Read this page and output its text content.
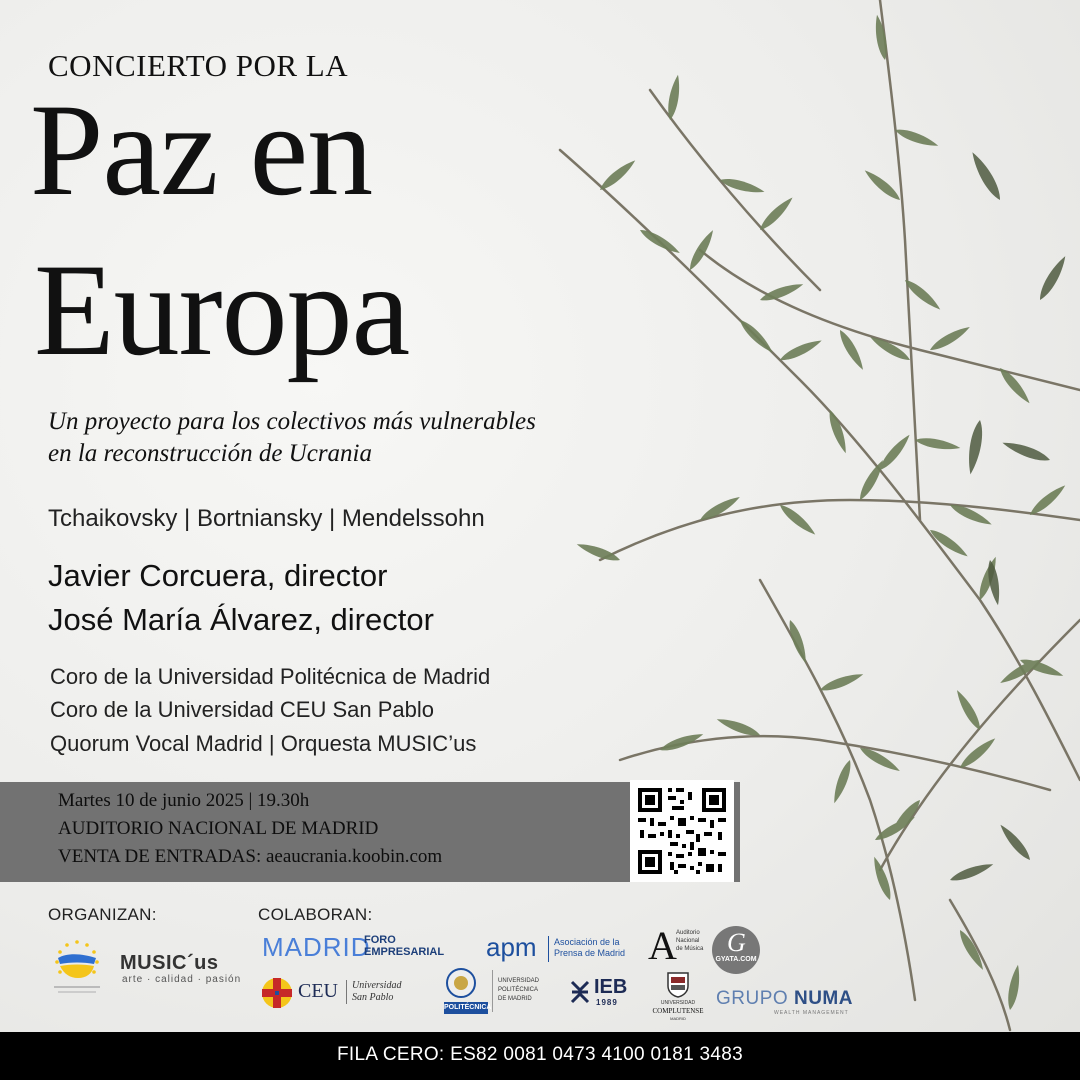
CONCIERTO POR LA
Paz en
Europa
Un proyecto para los colectivos más vulnerables
en la reconstrucción de Ucrania
Tchaikovsky | Bortniansky | Mendelssohn
Javier Corcuera, director
José María Álvarez, director
Coro de la Universidad Politécnica de Madrid
Coro de la Universidad CEU San Pablo
Quorum Vocal Madrid | Orquesta MUSIC’us
Martes 10 de junio 2025 | 19.30h
AUDITORIO NACIONAL DE MADRID
VENTA DE ENTRADAS: aeaucrania.koobin.com
ORGANIZAN:	COLABORAN:
MUSIC´us
arte · calidad · pasión
MADRID
FORO
EMPRESARIAL apm Asociación de la
Prensa de Madrid A Auditorio
Nacional
de Música G
GYATA.COM
CEU Universidad
San Pablo
POLITÉCNICA
UNIVERSIDAD
POLITÉCNICA
DE MADRID
IEB
1989	UNIVERSIDAD
COMPLUTENSE
MADRID
GRUPO NUMA
WEALTH MANAGEMENT
FILA CERO: ES82 0081 0473 4100 0181 3483
